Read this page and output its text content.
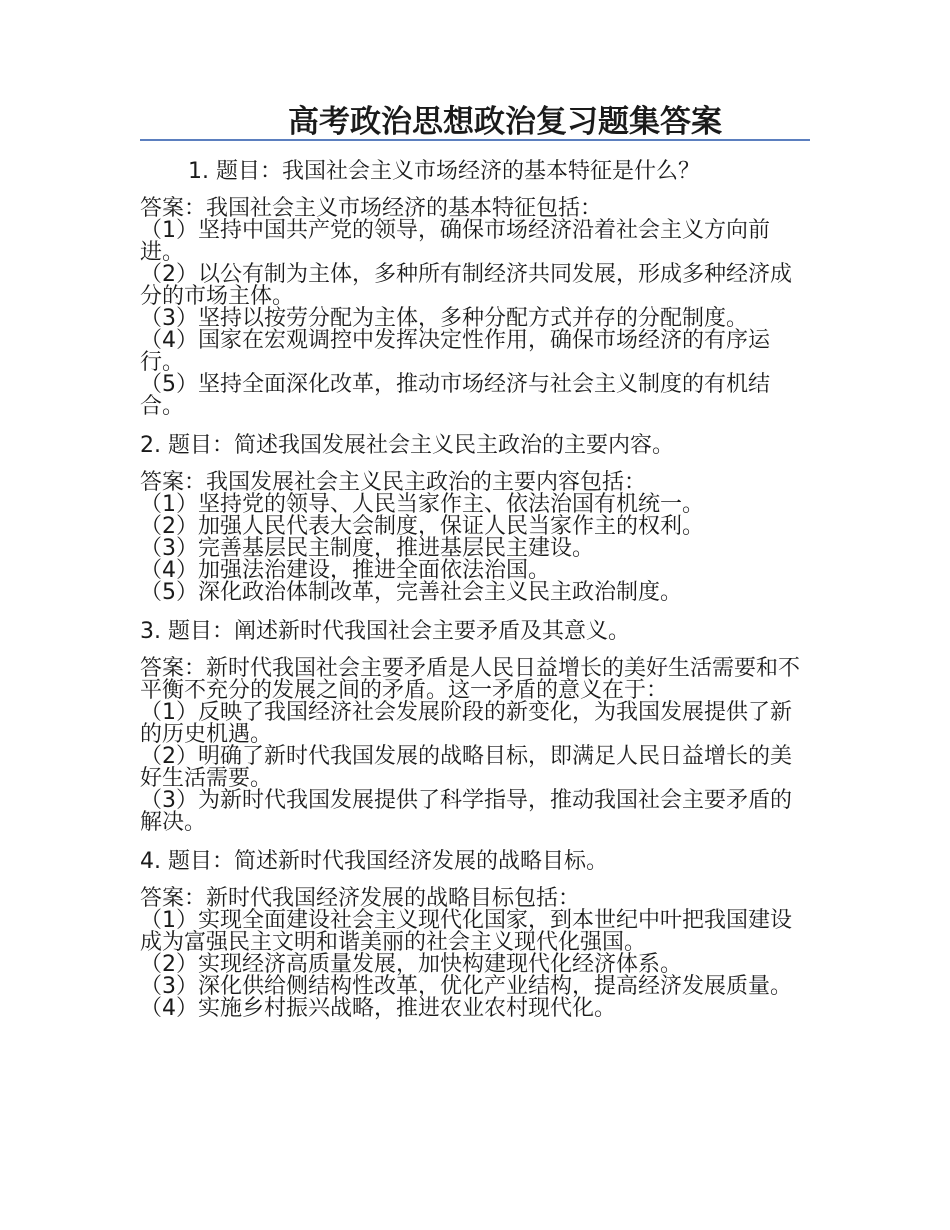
高考政治思想政治复习题集答案

1. 题目：我国社会主义市场经济的基本特征是什么？

答案：我国社会主义市场经济的基本特征包括：
（1）坚持中国共产党的领导，确保市场经济沿着社会主义方向前进。
（2）以公有制为主体，多种所有制经济共同发展，形成多种经济成分的市场主体。
（3）坚持以按劳分配为主体，多种分配方式并存的分配制度。
（4）国家在宏观调控中发挥决定性作用，确保市场经济的有序运行。
（5）坚持全面深化改革，推动市场经济与社会主义制度的有机结合。

2. 题目：简述我国发展社会主义民主政治的主要内容。

答案：我国发展社会主义民主政治的主要内容包括：
（1）坚持党的领导、人民当家作主、依法治国有机统一。
（2）加强人民代表大会制度，保证人民当家作主的权利。
（3）完善基层民主制度，推进基层民主建设。
（4）加强法治建设，推进全面依法治国。
（5）深化政治体制改革，完善社会主义民主政治制度。

3. 题目：阐述新时代我国社会主要矛盾及其意义。

答案：新时代我国社会主要矛盾是人民日益增长的美好生活需要和不平衡不充分的发展之间的矛盾。这一矛盾的意义在于：
（1）反映了我国经济社会发展阶段的新变化，为我国发展提供了新的历史机遇。
（2）明确了新时代我国发展的战略目标，即满足人民日益增长的美好生活需要。
（3）为新时代我国发展提供了科学指导，推动我国社会主要矛盾的解决。

4. 题目：简述新时代我国经济发展的战略目标。

答案：新时代我国经济发展的战略目标包括：
（1）实现全面建设社会主义现代化国家，到本世纪中叶把我国建设成为富强民主文明和谐美丽的社会主义现代化强国。
（2）实现经济高质量发展，加快构建现代化经济体系。
（3）深化供给侧结构性改革，优化产业结构，提高经济发展质量。
（4）实施乡村振兴战略，推进农业农村现代化。
